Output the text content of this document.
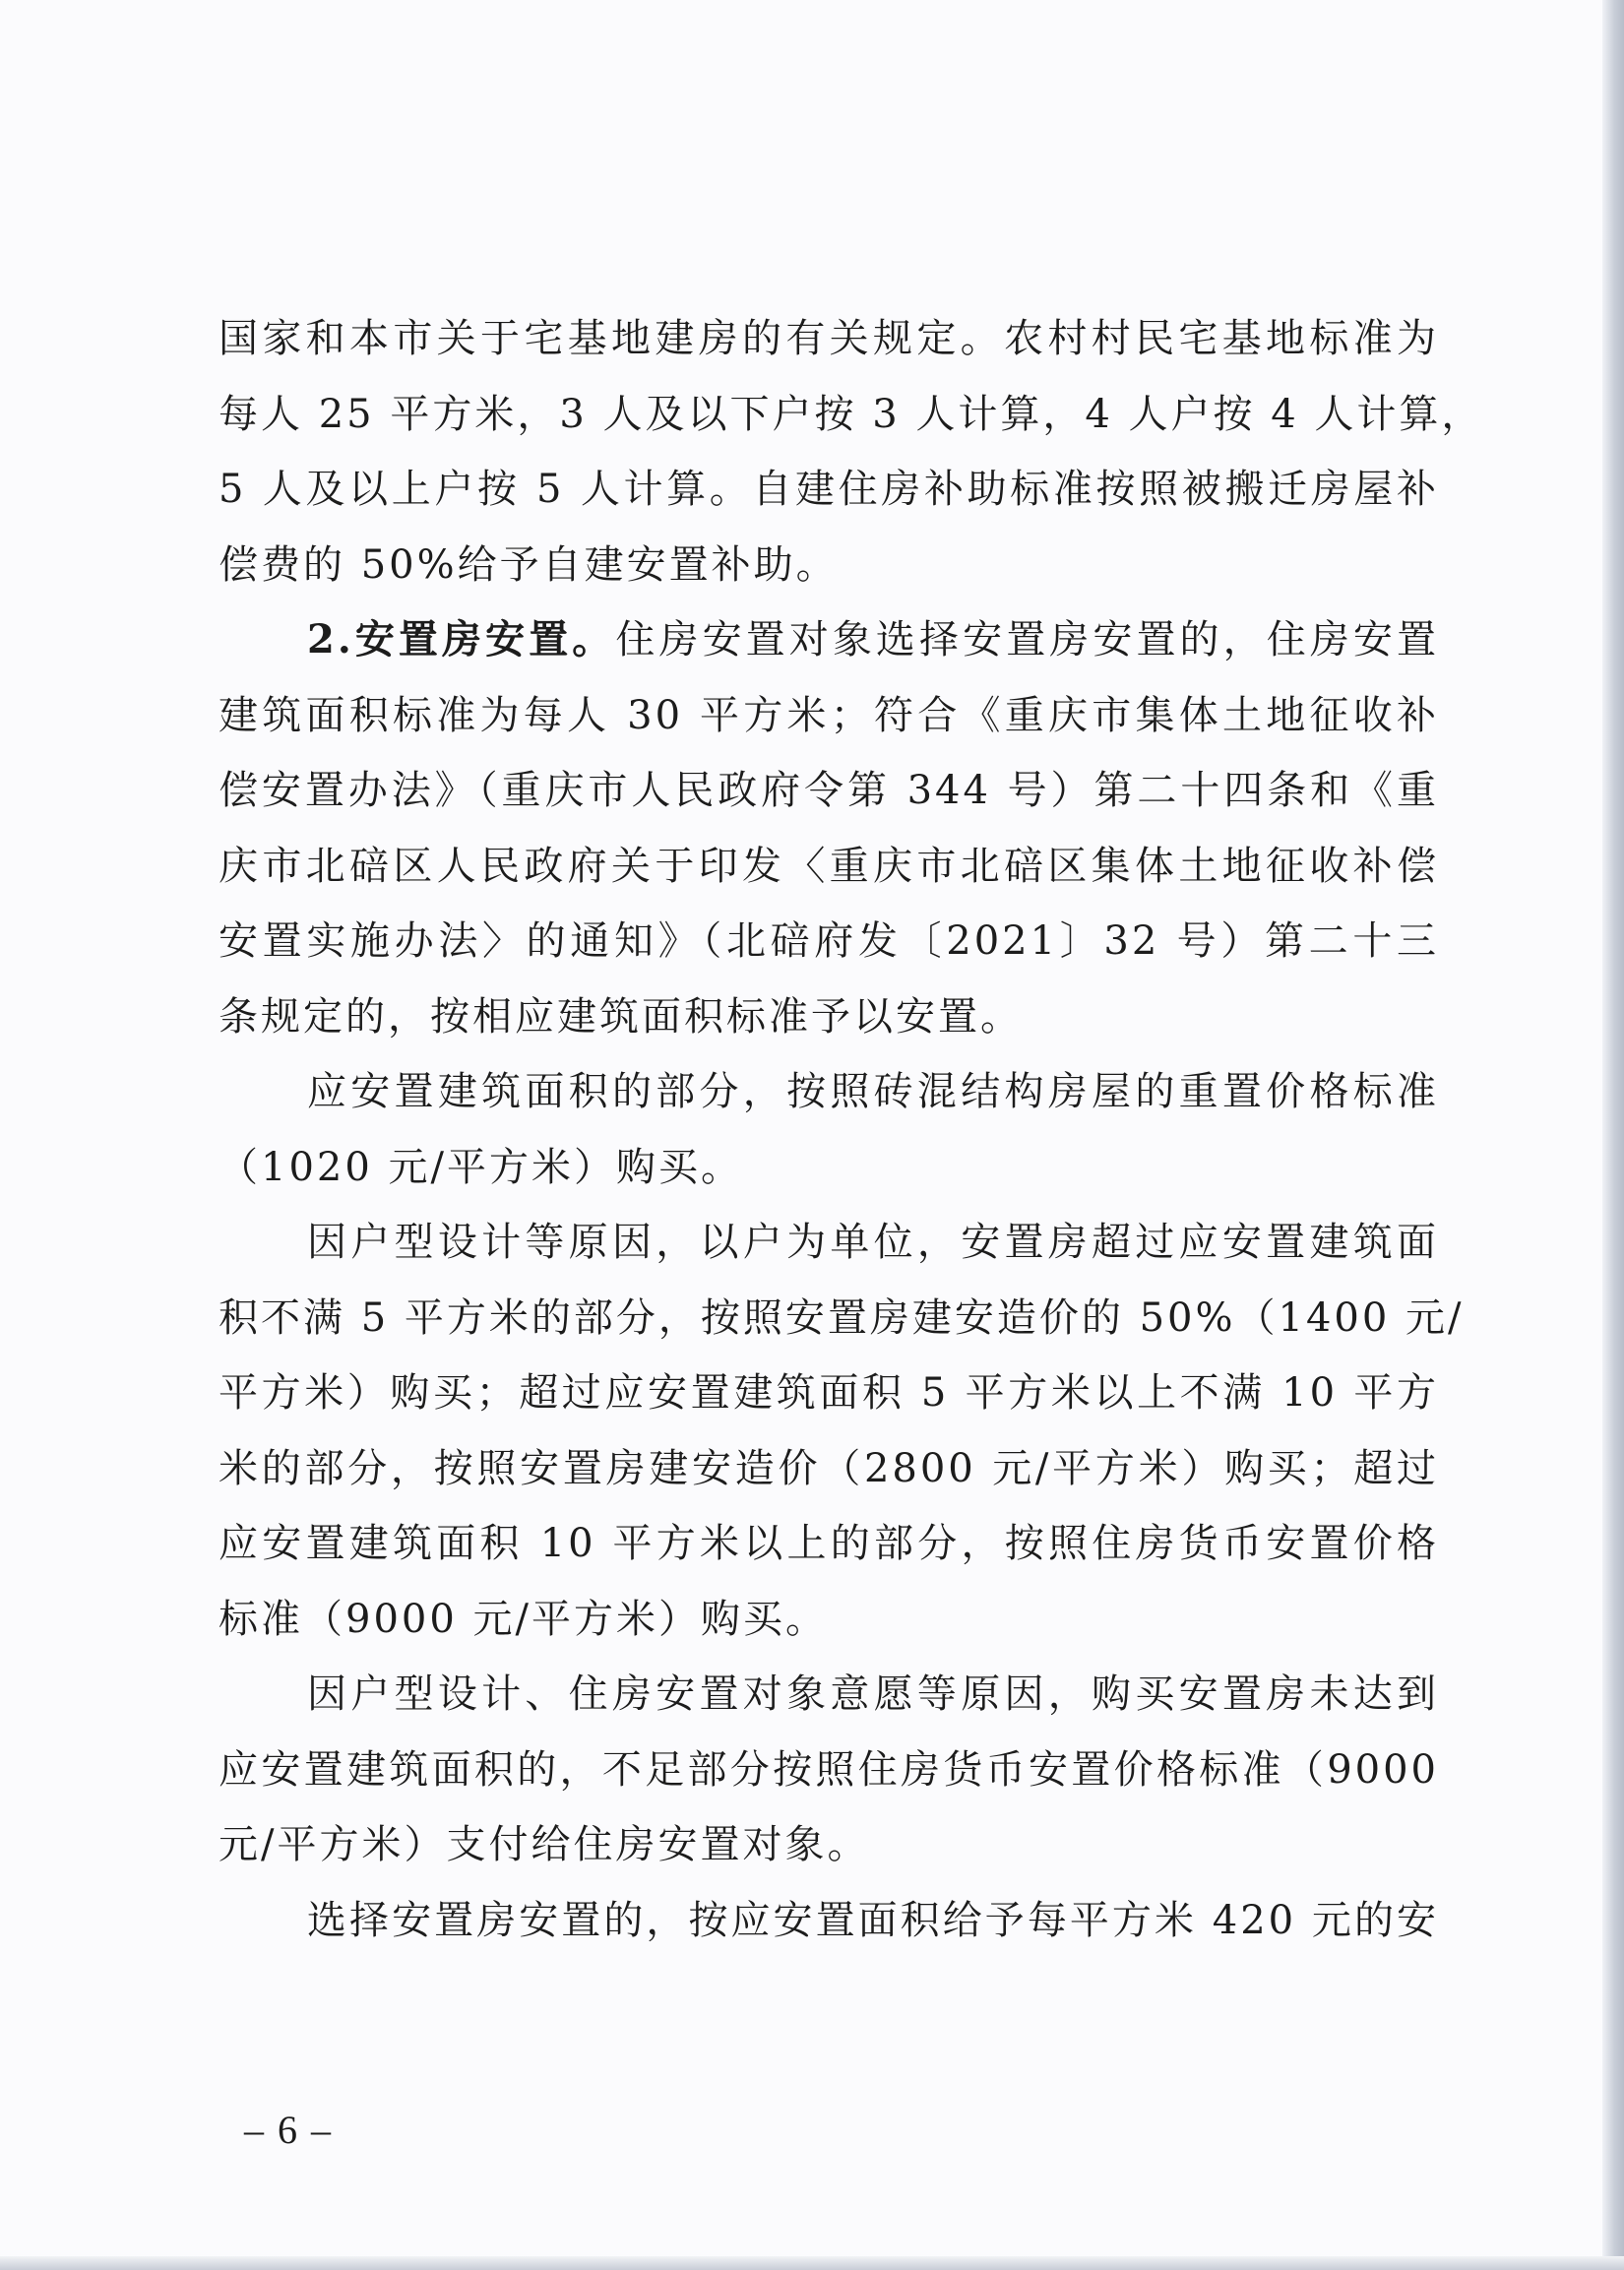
国家和本市关于宅基地建房的有关规定。农村村民宅基地标准为
每人 25 平方米，3 人及以下户按 3 人计算，4 人户按 4 人计算，
5 人及以上户按 5 人计算。自建住房补助标准按照被搬迁房屋补
偿费的 50%给予自建安置补助。
2.安置房安置。住房安置对象选择安置房安置的，住房安置
建筑面积标准为每人 30 平方米；符合《重庆市集体土地征收补
偿安置办法》（重庆市人民政府令第 344 号）第二十四条和《重
庆市北碚区人民政府关于印发〈重庆市北碚区集体土地征收补偿
安置实施办法〉的通知》（北碚府发〔2021〕32 号）第二十三
条规定的，按相应建筑面积标准予以安置。
应安置建筑面积的部分，按照砖混结构房屋的重置价格标准
（1020 元/平方米）购买。
因户型设计等原因，以户为单位，安置房超过应安置建筑面
积不满 5 平方米的部分，按照安置房建安造价的 50%（1400 元/
平方米）购买；超过应安置建筑面积 5 平方米以上不满 10 平方
米的部分，按照安置房建安造价（2800 元/平方米）购买；超过
应安置建筑面积 10 平方米以上的部分，按照住房货币安置价格
标准（9000 元/平方米）购买。
因户型设计、住房安置对象意愿等原因，购买安置房未达到
应安置建筑面积的，不足部分按照住房货币安置价格标准（9000
元/平方米）支付给住房安置对象。
选择安置房安置的，按应安置面积给予每平方米 420 元的安
– 6 –
